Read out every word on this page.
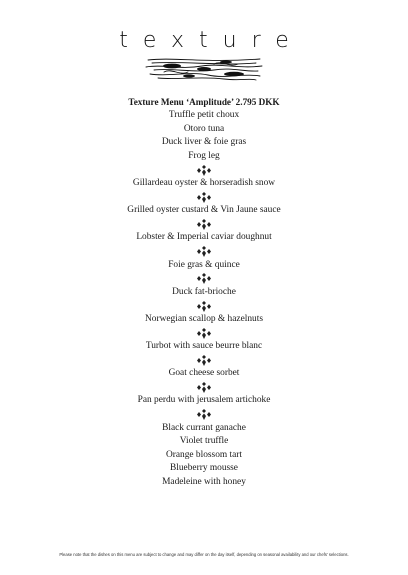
texture
Texture Menu ‘Amplitude’ 2.795 DKK
Truffle petit choux
Otoro tuna
Duck liver & foie gras
Frog leg
Gillardeau oyster & horseradish snow
Grilled oyster custard & Vin Jaune sauce
Lobster & Imperial caviar doughnut
Foie gras & quince
Duck fat-brioche
Norwegian scallop & hazelnuts
Turbot with sauce beurre blanc
Goat cheese sorbet
Pan perdu with jerusalem artichoke
Black currant ganache
Violet truffle
Orange blossom tart
Blueberry mousse
Madeleine with honey
Please note that the dishes on this menu are subject to change and may differ on the day itself, depending on seasonal availability and our chefs’ selections.
